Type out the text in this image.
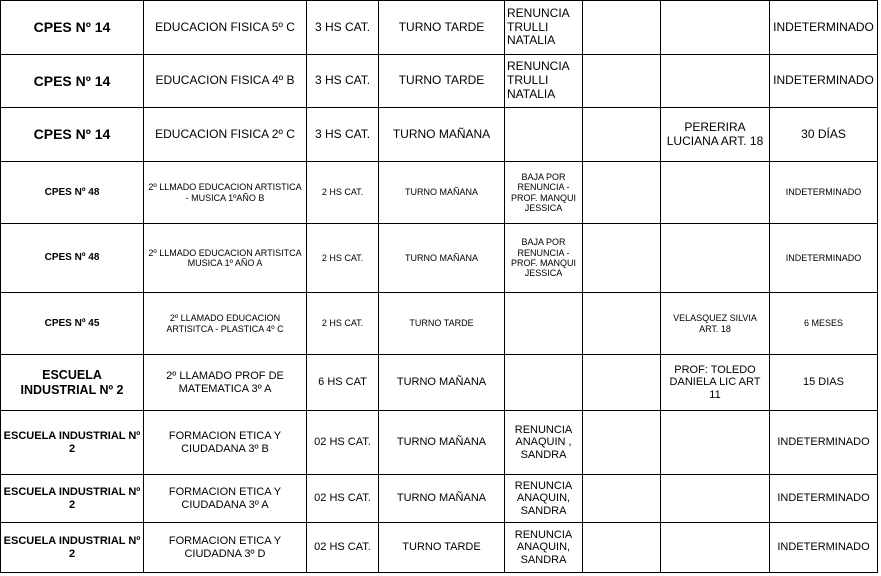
CPES Nº 14	EDUCACION FISICA 5º C	3 HS CAT.	TURNO TARDE	RENUNCIA TRULLI NATALIA			INDETERMINADO
CPES Nº 14	EDUCACION FISICA 4º B	3 HS CAT.	TURNO TARDE	RENUNCIA TRULLI NATALIA			INDETERMINADO
CPES Nº 14	EDUCACION FISICA 2º C	3 HS CAT.	TURNO MAÑANA			PERERIRA LUCIANA ART. 18	30 DÍAS
CPES Nº 48	2º LLMADO EDUCACION ARTISTICA - MUSICA 1ºAÑO B	2 HS CAT.	TURNO MAÑANA	BAJA POR RENUNCIA - PROF. MANQUI JESSICA			INDETERMINADO
CPES Nº 48	2º LLMADO EDUCACION ARTISITCA MUSICA 1º AÑO A	2 HS CAT.	TURNO MAÑANA	BAJA POR RENUNCIA - PROF. MANQUI JESSICA			INDETERMINADO
CPES Nº 45	2º LLAMADO EDUCACION ARTISITCA - PLASTICA 4º C	2 HS CAT.	TURNO TARDE			VELASQUEZ SILVIA ART. 18	6 MESES
ESCUELA INDUSTRIAL Nº 2	2º LLAMADO PROF DE MATEMATICA 3º A	6 HS CAT	TURNO MAÑANA			PROF: TOLEDO DANIELA LIC ART 11	15 DIAS
ESCUELA INDUSTRIAL Nº 2	FORMACION ETICA Y CIUDADANA 3º B	02 HS CAT.	TURNO MAÑANA	RENUNCIA ANAQUIN , SANDRA			INDETERMINADO
ESCUELA INDUSTRIAL Nº 2	FORMACION ETICA Y CIUDADANA 3º A	02 HS CAT.	TURNO MAÑANA	RENUNCIA ANAQUIN, SANDRA			INDETERMINADO
ESCUELA INDUSTRIAL Nº 2	FORMACION ETICA Y CIUDADNA 3º D	02 HS CAT.	TURNO TARDE	RENUNCIA ANAQUIN, SANDRA			INDETERMINADO
